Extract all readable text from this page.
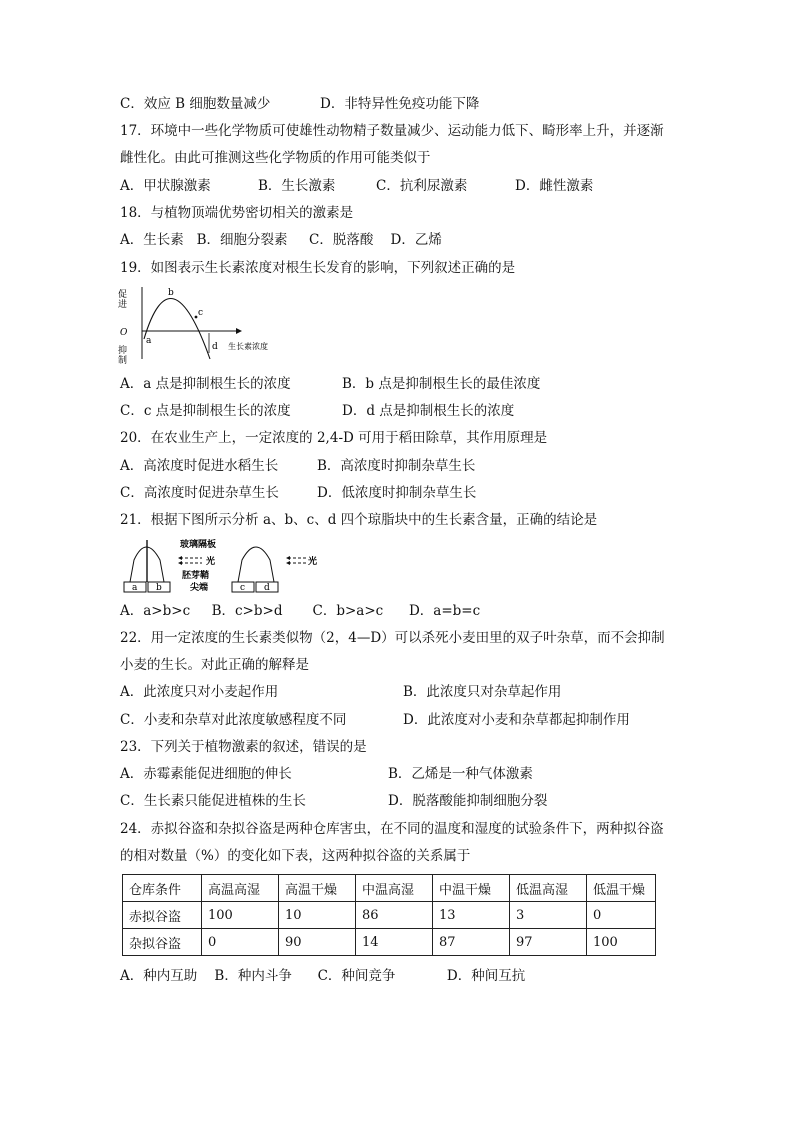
C．效应 B 细胞数量减少	D．非特异性免疫功能下降
17．环境中一些化学物质可使雄性动物精子数量减少、运动能力低下、畸形率上升，并逐渐
雌性化。由此可推测这些化学物质的作用可能类似于
A．甲状腺激素	B．生长激素	C．抗利尿激素	D．雌性激素
18．与植物顶端优势密切相关的激素是
A．生长素   B．细胞分裂素     C．脱落酸    D．乙烯
19．如图表示生长素浓度对根生长发育的影响，下列叙述正确的是
促
进
O
抑
制
b
c
a
d 生长素浓度
A．a 点是抑制根生长的浓度	B．b 点是抑制根生长的最佳浓度
C．c 点是抑制根生长的浓度	D．d 点是抑制根生长的浓度
20．在农业生产上，一定浓度的 2,4-D 可用于稻田除草，其作用原理是
A．高浓度时促进水稻生长	B．高浓度时抑制杂草生长
C．高浓度时促进杂草生长	D．低浓度时抑制杂草生长
21．根据下图所示分析 a、b、c、d 四个琼脂块中的生长素含量，正确的结论是
玻璃隔板
光	光
胚芽鞘
尖端
a b	c d
A．a>b>c     B．c>b>d       C．b>a>c      D．a=b=c
22．用一定浓度的生长素类似物（2，4—D）可以杀死小麦田里的双子叶杂草，而不会抑制
小麦的生长。对此正确的解释是
A．此浓度只对小麦起作用	B．此浓度只对杂草起作用
C．小麦和杂草对此浓度敏感程度不同	D．此浓度对小麦和杂草都起抑制作用
23．下列关于植物激素的叙述，错误的是
A．赤霉素能促进细胞的伸长	B．乙烯是一种气体激素
C．生长素只能促进植株的生长	D．脱落酸能抑制细胞分裂
24．赤拟谷盗和杂拟谷盗是两种仓库害虫，在不同的温度和湿度的试验条件下，两种拟谷盗
的相对数量（%）的变化如下表，这两种拟谷盗的关系属于
仓库条件	高温高湿	高温干燥	中温高湿	中温干燥	低温高湿	低温干燥
赤拟谷盗	100	10	86	13	3	0
杂拟谷盗	0	90	14	87	97	100
A．种内互助    B．种内斗争      C．种间竞争            D．种间互抗
